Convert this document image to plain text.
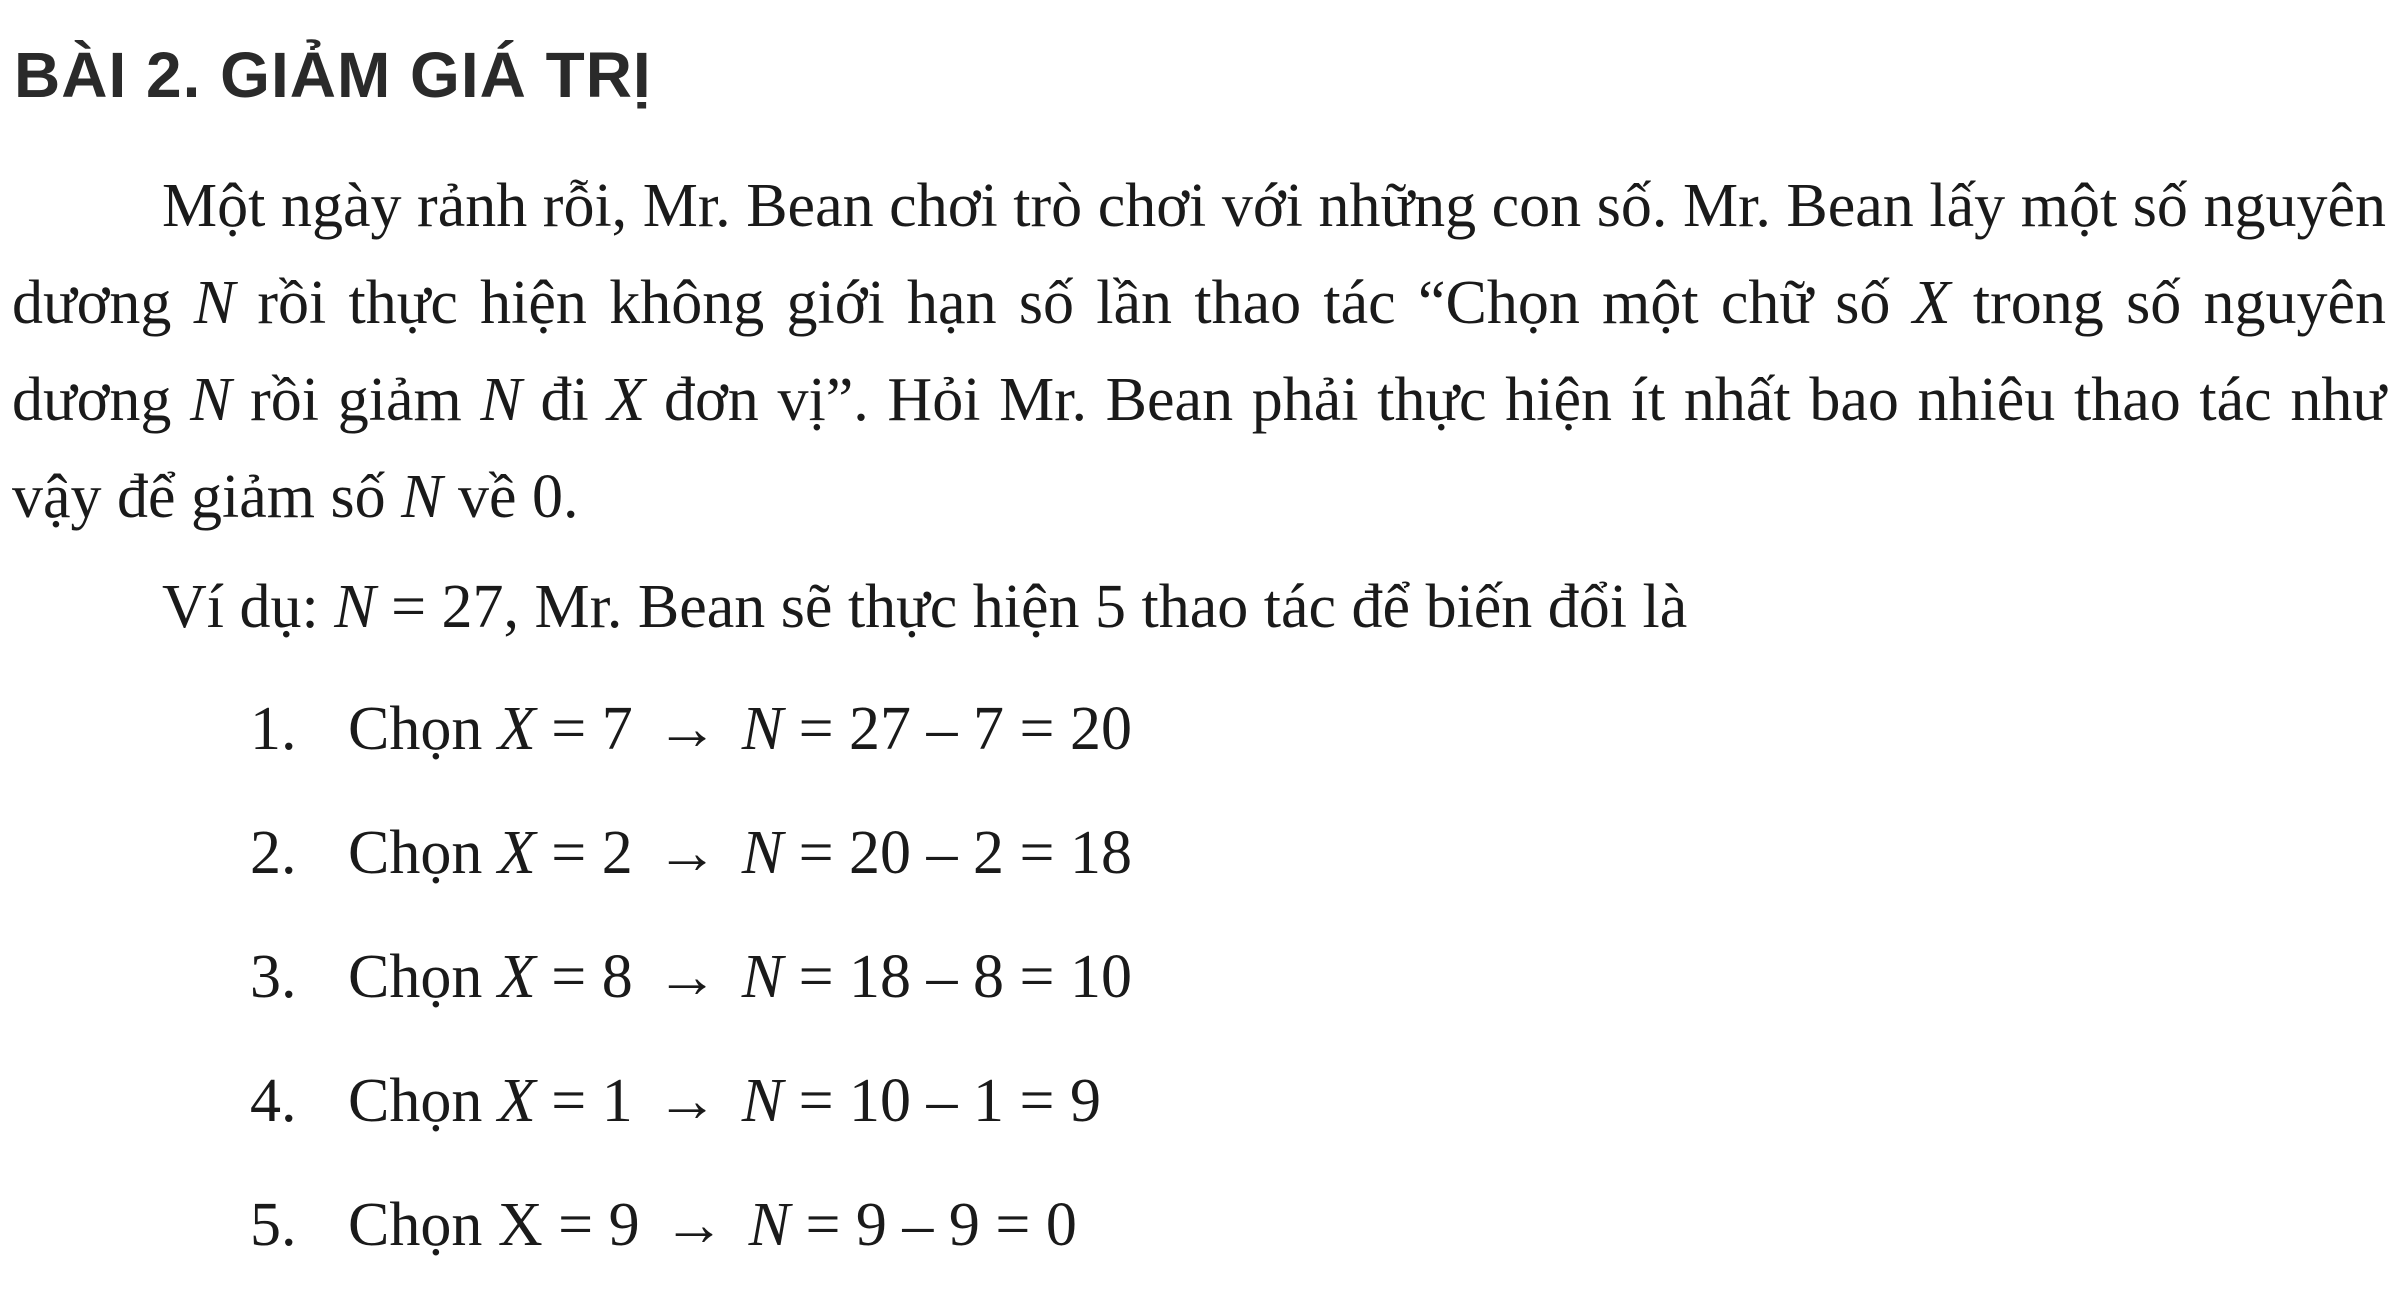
BÀI 2. GIẢM GIÁ TRỊ

Một ngày rảnh rỗi, Mr. Bean chơi trò chơi với những con số. Mr. Bean lấy một số nguyên dương N rồi thực hiện không giới hạn số lần thao tác “Chọn một chữ số X trong số nguyên dương N rồi giảm N đi X đơn vị”. Hỏi Mr. Bean phải thực hiện ít nhất bao nhiêu thao tác như vậy để giảm số N về 0.

Ví dụ: N = 27, Mr. Bean sẽ thực hiện 5 thao tác để biến đổi là
1. Chọn X = 7 → N = 27 – 7 = 20
2. Chọn X = 2 → N = 20 – 2 = 18
3. Chọn X = 8 → N = 18 – 8 = 10
4. Chọn X = 1 → N = 10 – 1 = 9
5. Chọn X = 9 → N = 9 – 9 = 0
